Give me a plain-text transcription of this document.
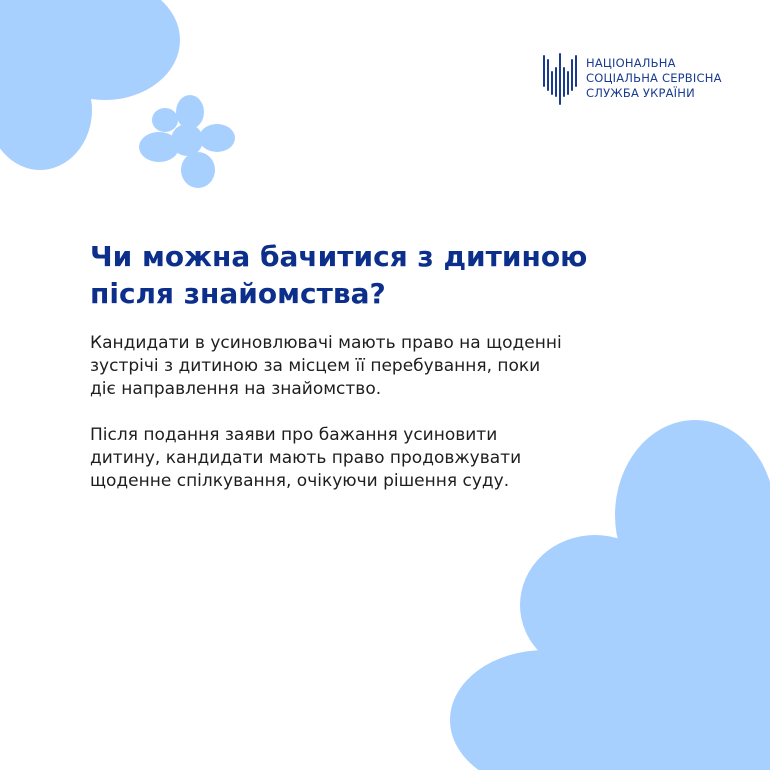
НАЦІОНАЛЬНА
СОЦІАЛЬНА СЕРВІСНА
СЛУЖБА УКРАЇНИ
Чи можна бачитися з дитиною
після знайомства?

Кандидати в усиновлювачі мають право на щоденні
зустрічі з дитиною за місцем її перебування, поки
діє направлення на знайомство.

Після подання заяви про бажання усиновити
дитину, кандидати мають право продовжувати
щоденне спілкування, очікуючи рішення суду.
